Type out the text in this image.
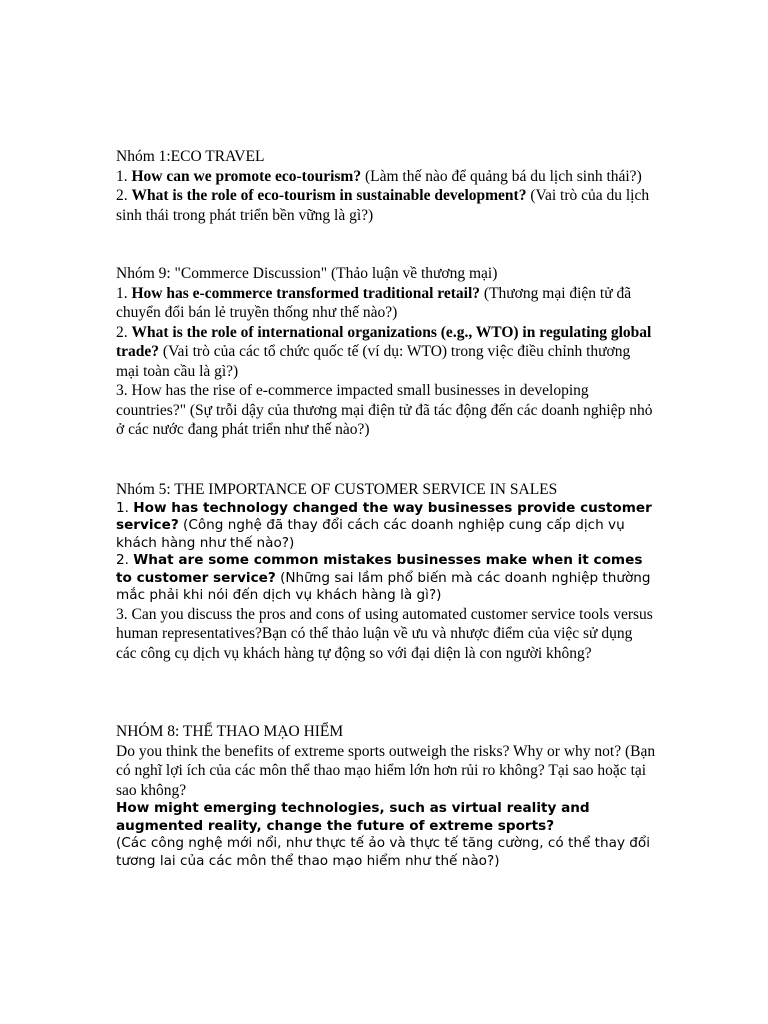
Nhóm 1:ECO TRAVEL

1. How can we promote eco-tourism? (Làm thế nào để quảng bá du lịch sinh thái?)

2. What is the role of eco-tourism in sustainable development? (Vai trò của du lịch sinh thái trong phát triển bền vững là gì?)

Nhóm 9: "Commerce Discussion" (Thảo luận về thương mại)

1. How has e-commerce transformed traditional retail? (Thương mại điện tử đã chuyển đổi bán lẻ truyền thống như thế nào?)

2. What is the role of international organizations (e.g., WTO) in regulating global trade? (Vai trò của các tổ chức quốc tế (ví dụ: WTO) trong việc điều chỉnh thương mại toàn cầu là gì?)

3. How has the rise of e-commerce impacted small businesses in developing countries?" (Sự trỗi dậy của thương mại điện tử đã tác động đến các doanh nghiệp nhỏ ở các nước đang phát triển như thế nào?)

Nhóm 5: THE IMPORTANCE OF CUSTOMER SERVICE IN SALES

1. How has technology changed the way businesses provide customer service? (Công nghệ đã thay đổi cách các doanh nghiệp cung cấp dịch vụ khách hàng như thế nào?)

2. What are some common mistakes businesses make when it comes to customer service? (Những sai lầm phổ biến mà các doanh nghiệp thường mắc phải khi nói đến dịch vụ khách hàng là gì?)

3. Can you discuss the pros and cons of using automated customer service tools versus human representatives?Bạn có thể thảo luận về ưu và nhược điểm của việc sử dụng các công cụ dịch vụ khách hàng tự động so với đại diện là con người không?

NHÓM 8: THỂ THAO MẠO HIỂM

Do you think the benefits of extreme sports outweigh the risks? Why or why not? (Bạn có nghĩ lợi ích của các môn thể thao mạo hiểm lớn hơn rủi ro không? Tại sao hoặc tại sao không?

How might emerging technologies, such as virtual reality and augmented reality, change the future of extreme sports?
(Các công nghệ mới nổi, như thực tế ảo và thực tế tăng cường, có thể thay đổi tương lai của các môn thể thao mạo hiểm như thế nào?)
